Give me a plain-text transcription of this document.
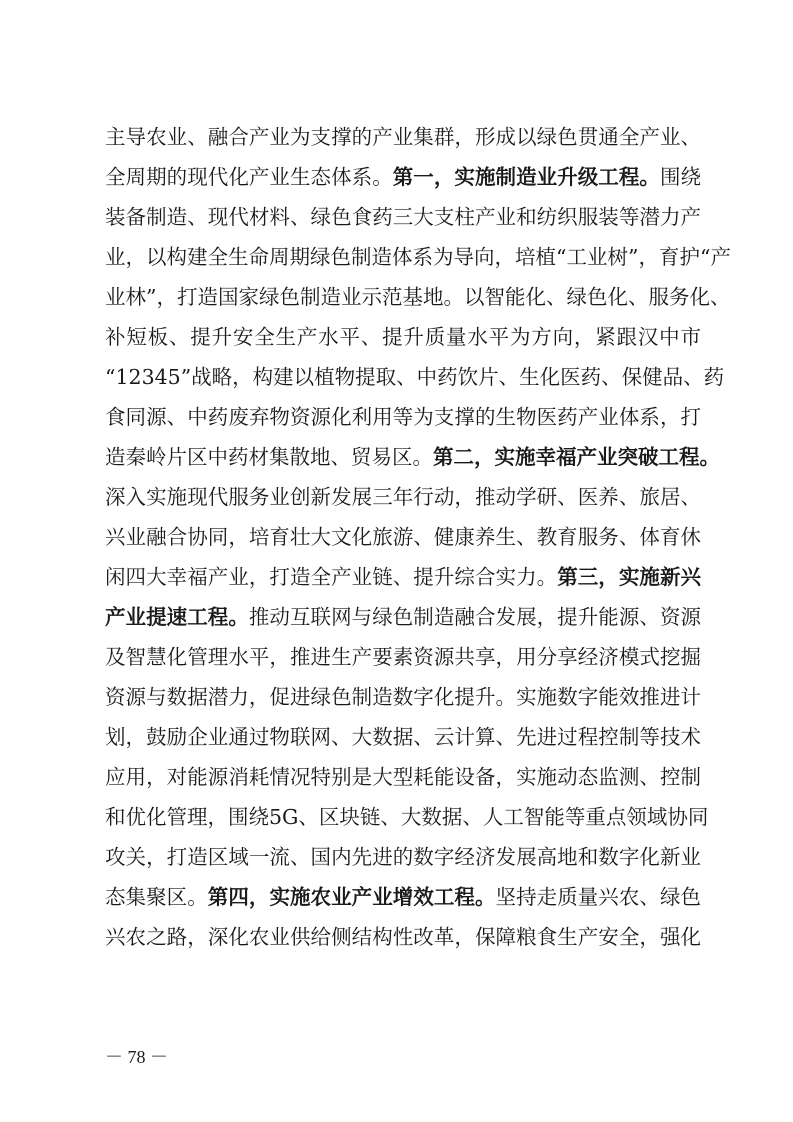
主导农业、融合产业为支撑的产业集群，形成以绿色贯通全产业、
全周期的现代化产业生态体系。第一，实施制造业升级工程。围绕
装备制造、现代材料、绿色食药三大支柱产业和纺织服装等潜力产
业，以构建全生命周期绿色制造体系为导向，培植“工业树”，育护“产
业林”，打造国家绿色制造业示范基地。以智能化、绿色化、服务化、
补短板、提升安全生产水平、提升质量水平为方向，紧跟汉中市
“12345”战略，构建以植物提取、中药饮片、生化医药、保健品、药
食同源、中药废弃物资源化利用等为支撑的生物医药产业体系，打
造秦岭片区中药材集散地、贸易区。第二，实施幸福产业突破工程。
深入实施现代服务业创新发展三年行动，推动学研、医养、旅居、
兴业融合协同，培育壮大文化旅游、健康养生、教育服务、体育休
闲四大幸福产业，打造全产业链、提升综合实力。第三，实施新兴
产业提速工程。推动互联网与绿色制造融合发展，提升能源、资源
及智慧化管理水平，推进生产要素资源共享，用分享经济模式挖掘
资源与数据潜力，促进绿色制造数字化提升。实施数字能效推进计
划，鼓励企业通过物联网、大数据、云计算、先进过程控制等技术
应用，对能源消耗情况特别是大型耗能设备，实施动态监测、控制
和优化管理，围绕5G、区块链、大数据、人工智能等重点领域协同
攻关，打造区域一流、国内先进的数字经济发展高地和数字化新业
态集聚区。第四，实施农业产业增效工程。坚持走质量兴农、绿色
兴农之路，深化农业供给侧结构性改革，保障粮食生产安全，强化
－ 78 －
